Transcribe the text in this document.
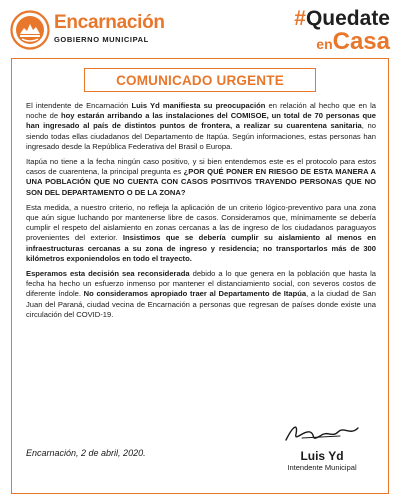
Encarnación
GOBIERNO MUNICIPAL
#Quedate
enCasa
COMUNICADO URGENTE

El intendente de Encarnación Luis Yd manifiesta su preocupación en relación al hecho que en la noche de hoy estarán arribando a las instalaciones del COMISOE, un total de 70 personas que han ingresado al país de distintos puntos de frontera, a realizar su cuarentena sanitaria, no siendo todas ellas ciudadanos del Departamento de Itapúa. Según informaciones, estas personas han ingresado desde la República Federativa del Brasil o Europa.

Itapúa no tiene a la fecha ningún caso positivo, y si bien entendemos este es el protocolo para estos casos de cuarentena, la principal pregunta es ¿POR QUÉ PONER EN RIESGO DE ESTA MANERA A UNA POBLACIÓN QUE NO CUENTA CON CASOS POSITIVOS TRAYENDO PERSONAS QUE NO SON DEL DEPARTAMENTO O DE LA ZONA?

Esta medida, a nuestro criterio, no refleja la aplicación de un criterio lógico-preventivo para una zona que aún sigue luchando por mantenerse libre de casos. Consideramos que, mínimamente se debería cumplir el respeto del aislamiento en zonas cercanas a las de ingreso de los ciudadanos paraguayos provenientes del exterior. Insistimos que se debería cumplir su aislamiento al menos en infraestructuras cercanas a su zona de ingreso y residencia; no transportarlos más de 300 kilómetros exponiendolos en todo el trayecto.

Esperamos esta decisión sea reconsiderada debido a lo que genera en la población que hasta la fecha ha hecho un esfuerzo inmenso por mantener el distanciamiento social, con severos costos de diferente índole. No consideramos apropiado traer al Departamento de Itapúa, a la ciudad de San Juan del Paraná, ciudad vecina de Encarnación a personas que regresan de países donde existe una circulación del COVID-19.

Encarnación, 2 de abril, 2020.	Luis Yd
Intendente Municipal
